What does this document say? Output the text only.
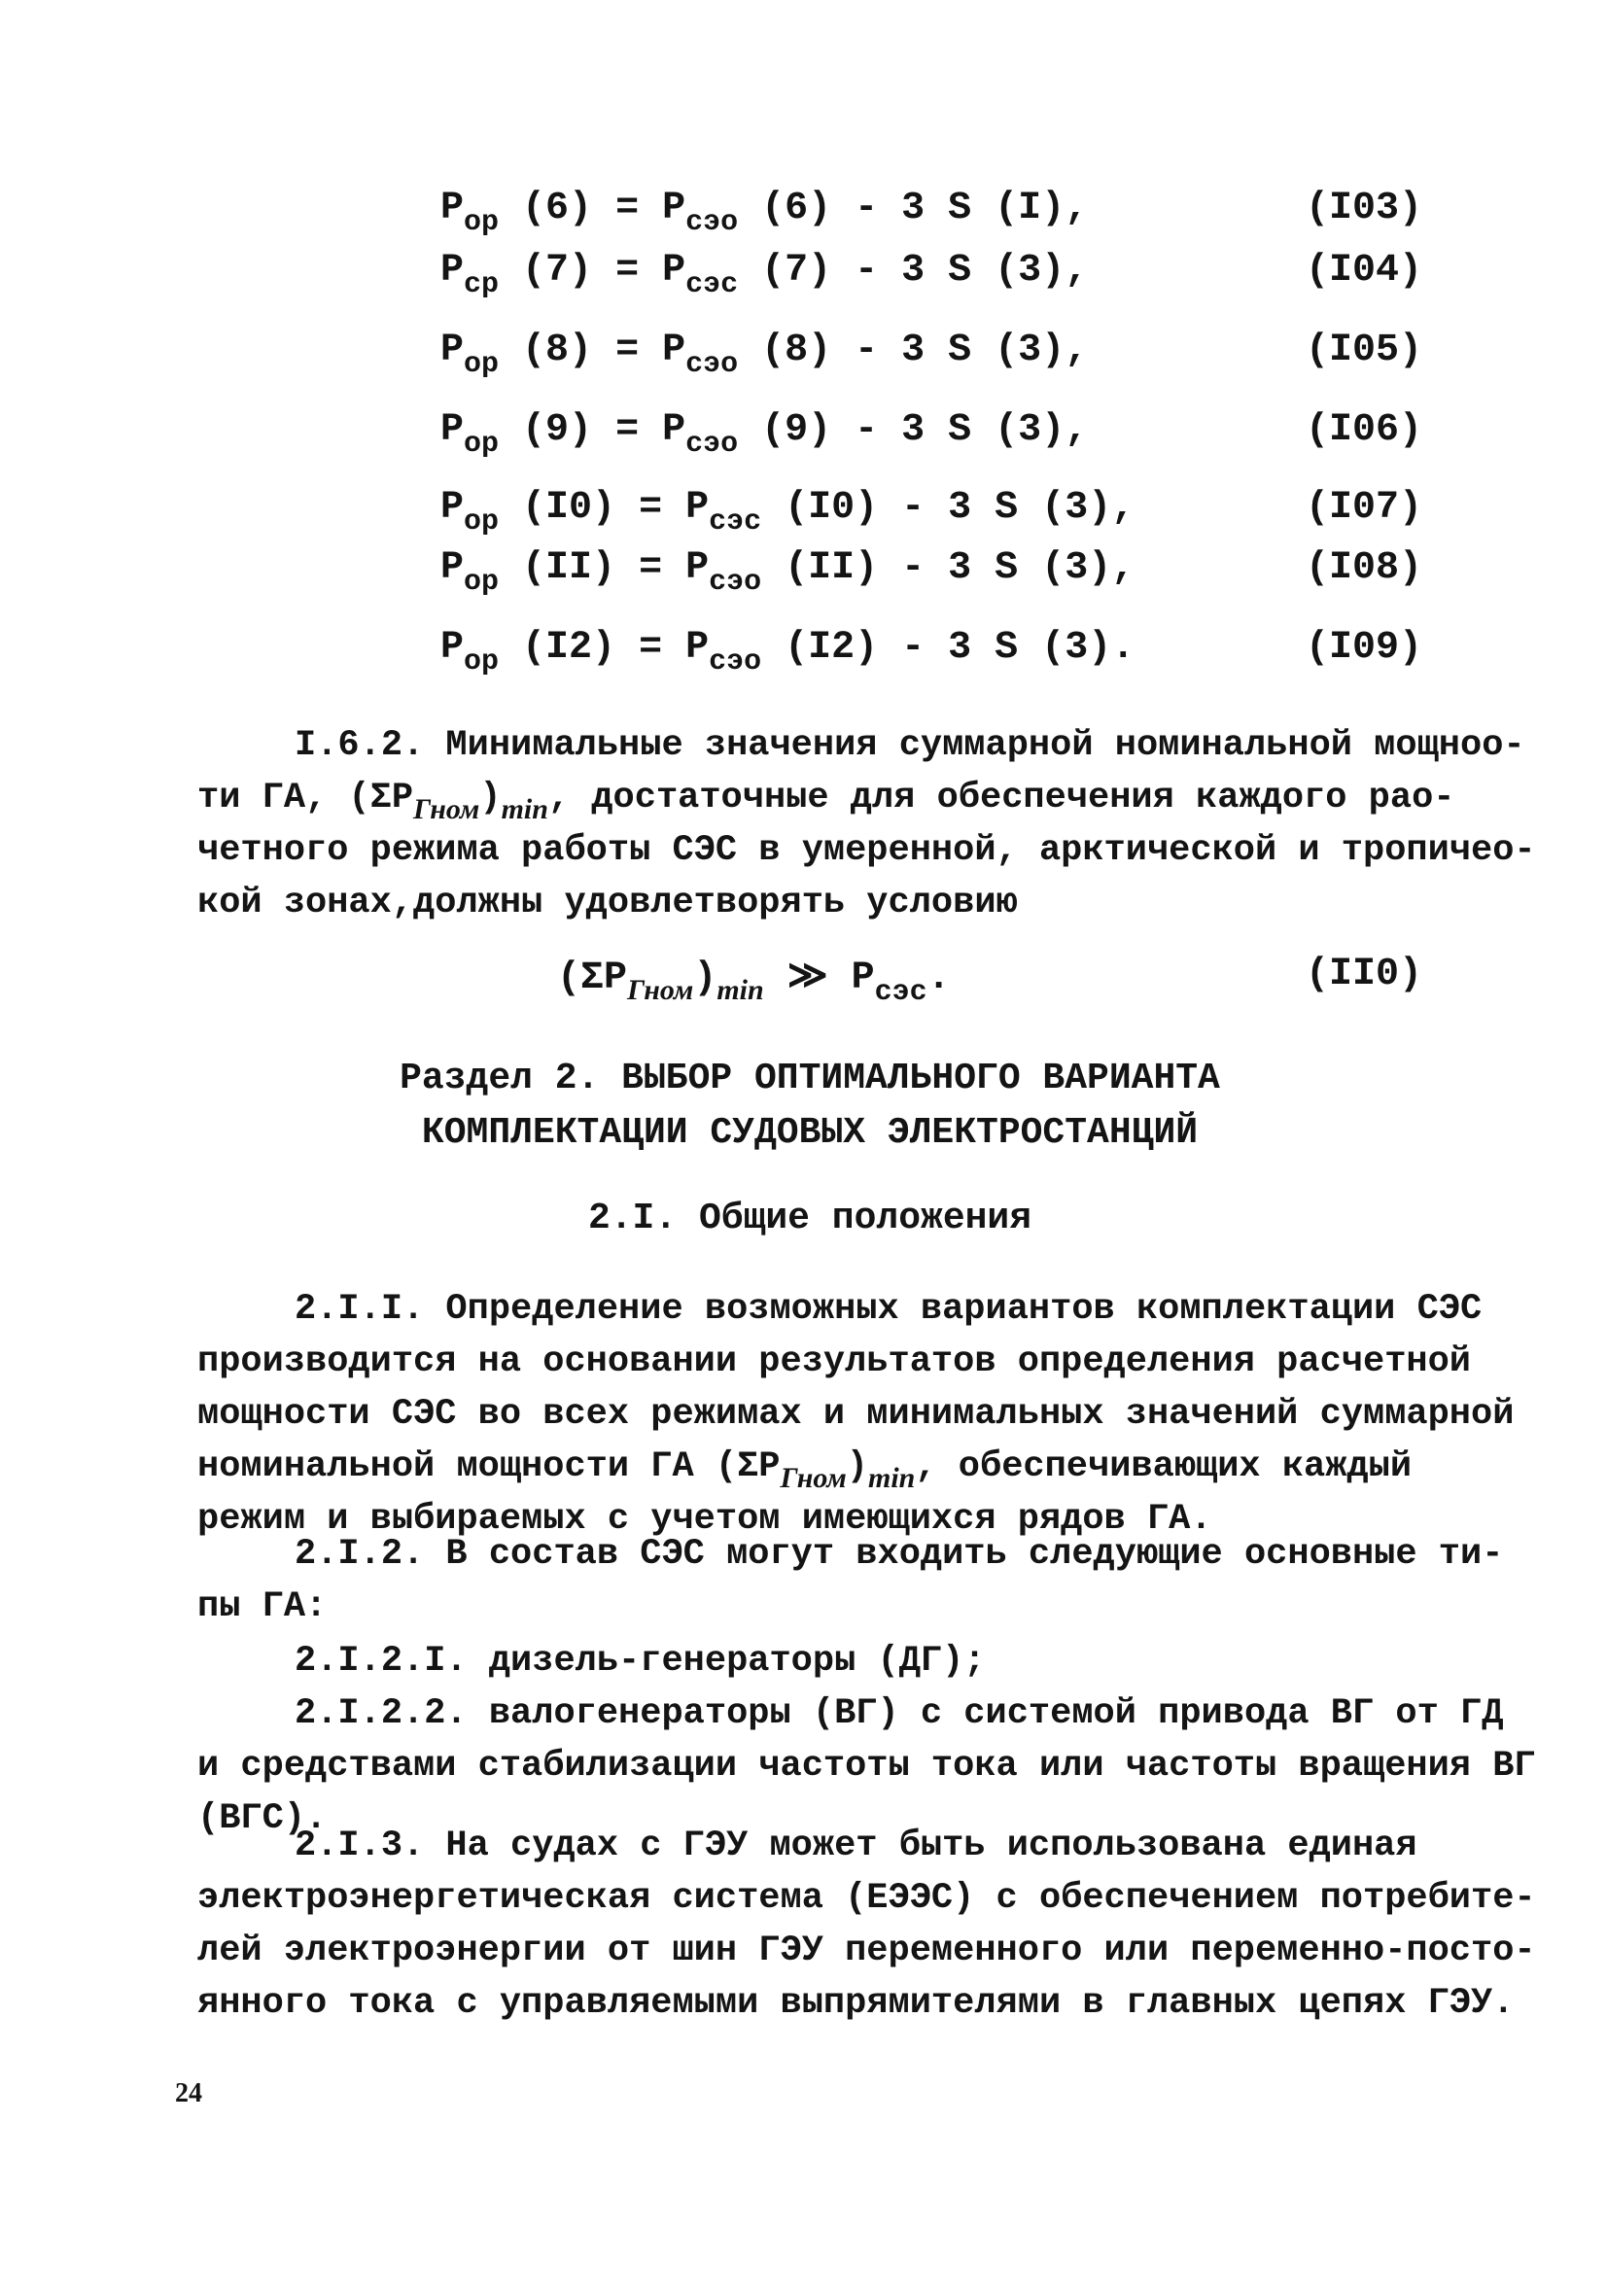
$P_{ор}$ $(6) = P_{сэо}$ (6) - 3 S (I),	(I03)
$P_{ср}$ $(7) = P_{сэс}$ (7) - 3 S (3),	(I04)
$P_{ор}$ $(8) = P_{сэо}$ (8) - 3 S (3),	(I05)
$P_{ор}$ $(9) = P_{сэо}$ (9) - 3 S (3),	(I06)
$P_{ор}$ $(I0) = P_{сэс}$ (I0) - 3 S (3),	(I07)
$P_{ор}$ $(II) = P_{сэо}$ (II) - 3 S (3),	(I08)
$P_{ор}$ $(I2) = P_{сэо}$ (I2) - 3 S (3).	(I09)
I.6.2. Минимальные значения суммарной номинальной мощноо-
ти ГА, $(\Sigma P_{Гном})_{min}$, достаточные для обеспечения каждого рао-
четного режима работы СЭС в умеренной, арктической и тропичео-
кой зонах,должны удовлетворять условию
$(\Sigma P_{Гном})_{min}$ ≫ $P_{сэс}$.	(II0)
Раздел 2. ВЫБОР ОПТИМАЛЬНОГО ВАРИАНТА
КОМПЛЕКТАЦИИ СУДОВЫХ ЭЛЕКТРОСТАНЦИЙ
2.I. Общие положения
2.I.I. Определение возможных вариантов комплектации СЭС
производится на основании результатов определения расчетной
мощности СЭС во всех режимах и минимальных значений суммарной
номинальной мощности ГА $(\Sigma P_{Гном})_{min}$, обеспечивающих каждый
режим и выбираемых с учетом имеющихся рядов ГА.
2.I.2. В состав СЭС могут входить следующие основные ти-
пы ГА:
2.I.2.I. дизель-генераторы (ДГ);
2.I.2.2. валогенераторы (ВГ) с системой привода ВГ от ГД
и средствами стабилизации частоты тока или частоты вращения ВГ
(ВГС).
2.I.3. На судах с ГЭУ может быть использована единая
электроэнергетическая система (ЕЭЭС) с обеспечением потребите-
лей электроэнергии от шин ГЭУ переменного или переменно-посто-
янного тока с управляемыми выпрямителями в главных цепях ГЭУ.
24
